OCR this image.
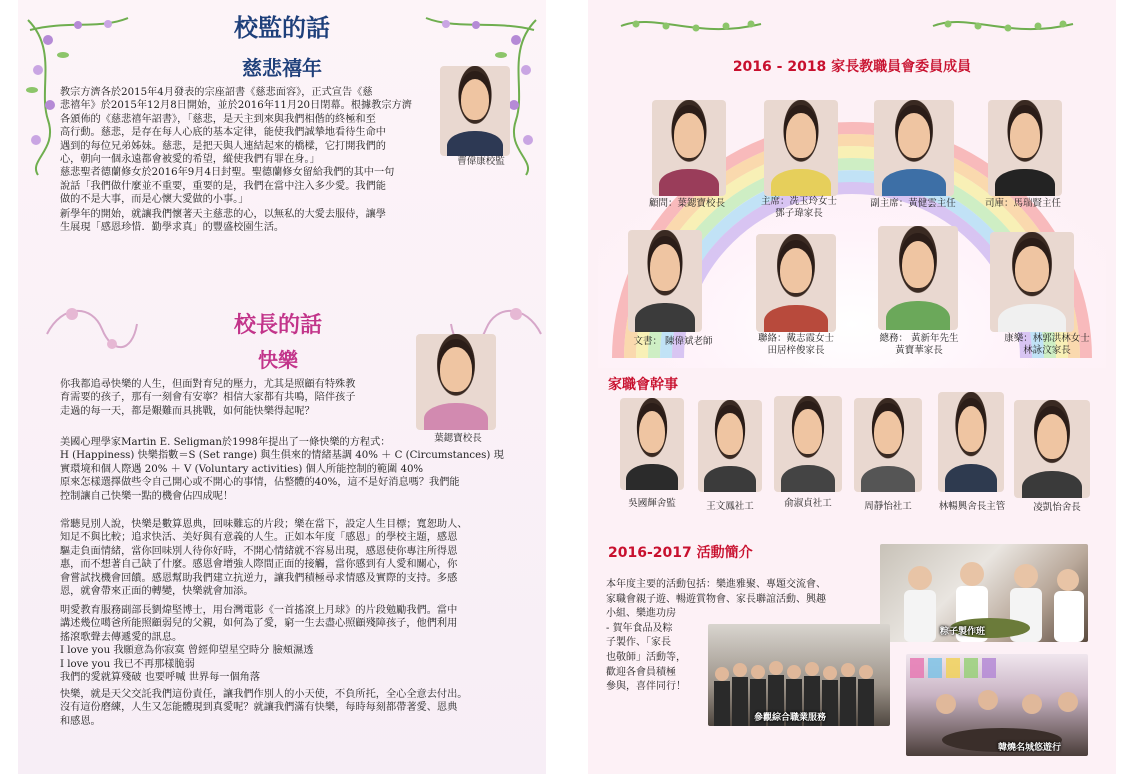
校監的話
慈悲禧年

教宗方濟各於2015年4月發表的宗座詔書《慈悲面容》，正式宣告《慈
悲禧年》於2015年12月8日開始，並於2016年11月20日閉幕。根據教宗方濟
各頒佈的《慈悲禧年詔書》，「慈悲，是天主到來與我們相偕的終極和至
高行動。慈悲，是存在每人心底的基本定律，能使我們誠摯地看待生命中
遇到的每位兄弟姊妹。慈悲，是把天與人連結起來的橋樑，它打開我們的
心，朝向一個永遠都會被愛的希望，縱使我們有罪在身。」
慈悲聖者德蘭修女於2016年9月4日封聖。聖德蘭修女留給我們的其中一句
說話「我們做什麼並不重要，重要的是，我們在當中注入多少愛。我們能
做的不是大事，而是心懷大愛做的小事。」

新學年的開始，就讓我們懷著天主慈悲的心，以無私的大愛去服侍，讓學
生展現「感恩珍惜．勤學求真」的豐盛校園生活。

曹偉康校監
校長的話
快樂

你我都追尋快樂的人生，但面對育兒的壓力，尤其是照顧有特殊教
育需要的孩子，那有一刻會有安寧？相信大家都有共鳴，陪伴孩子
走過的每一天，都是艱難而具挑戰，如何能快樂得起呢？

葉鍶寶校長

美國心理學家Martin E. Seligman於1998年提出了一條快樂的方程式：
H (Happiness) 快樂指數＝S (Set range) 與生俱來的情緒基調 40% ＋ C (Circumstances) 現
實環境和個人際遇 20% ＋ V (Voluntary activities) 個人所能控制的範圍 40%
原來怎樣選擇做些令自己開心或不開心的事情，佔整體的40%，這不是好消息嗎？我們能
控制讓自己快樂一點的機會佔四成呢！

常聽見別人說，快樂是數算恩典，回味難忘的片段；樂在當下，設定人生目標；寬恕助人、
知足不與比較；追求快活、美好與有意義的人生。正如本年度「感恩」的學校主題，感恩
驅走負面情緒，當你回味別人待你好時，不開心情緒就不容易出現，感恩使你專注所得恩
惠，而不想著自己缺了什麼。感恩會增強人際間正面的接觸，當你感到有人愛和關心，你
會嘗試找機會回饋。感恩幫助我們建立抗逆力，讓我們積極尋求情感及實際的支持。多感
恩，就會帶來正面的轉變，快樂就會加添。

明愛教育服務副部長劉煒堅博士，用台灣電影《一首搖滾上月球》的片段勉勵我們。當中
講述幾位噶爸所能照顧弱兒的父親，如何為了愛，窮一生去盡心照顧殘障孩子，他們利用
搖滾歌聲去傳遞愛的訊息。
I love you 我願意為你寂寞 曾經仰望星空時分 臉頰濕透
I love you 我已不再那樣脆弱
我們的愛就算殘破 也要呼喊 世界每一個角落

快樂，就是天父交託我們這份責任，讓我們作別人的小天使，不負所托，全心全意去付出。
沒有這份磨練，人生又怎能體現到真愛呢？就讓我們滿有快樂，每時每刻都帶著愛、恩典
和感恩。

2016 - 2018 家長教職員會委員成員
顧問：葉鍶寶校長	主席：冼玉玲女士
鄧子瑋家長
副主席：黃健雲主任	司庫：馬瑞賢主任
文書： 陳偉斌老師	聯絡：戴志霞女士
田居梓俊家長
總務： 黃新年先生
黃寶華家長
康樂：林郭洪林女士
林詠汶家長
家職會幹事
吳國輝舍監	王文鳳社工	俞淑貞社工	周靜怡社工	林暢興舍長主管	凌凱怡舍長
2016-2017 活動簡介

本年度主要的活動包括：樂進雅聚、專題交流會、
家職會親子遊、暢遊賞物會、家長聯誼活動、興趣
小組、樂進功房
- 賀年食品及粽
子製作、「家長
也敬師」活動等，
歡迎各會員積極
參與，喜伴同行！

粽子製作班
參觀綜合職業服務
韓燒名城悠遊行
